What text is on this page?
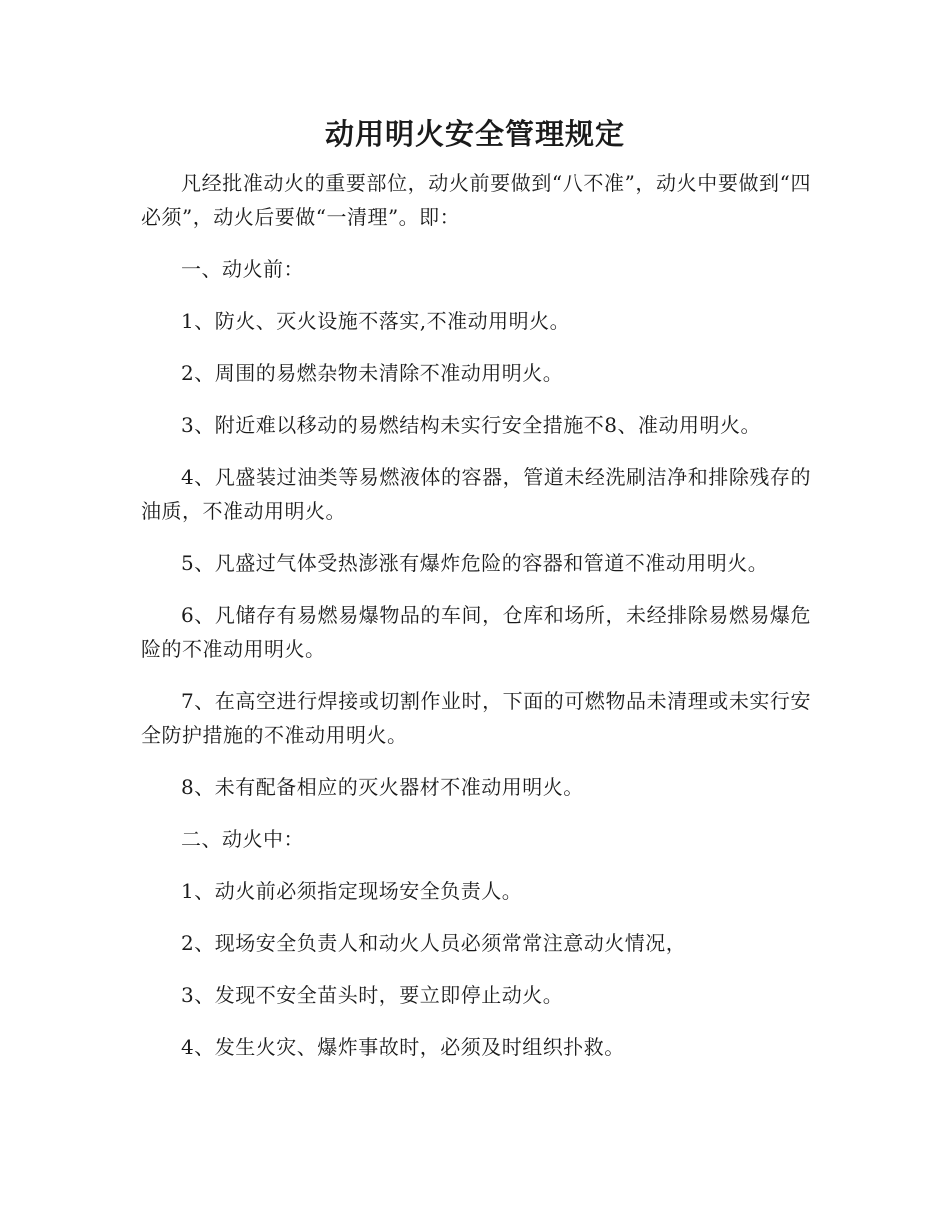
动用明火安全管理规定

凡经批准动火的重要部位，动火前要做到“八不准”，动火中要做到“四必须”，动火后要做“一清理”。即：

一、动火前：

1、防火、灭火设施不落实,不准动用明火。

2、周围的易燃杂物未清除不准动用明火。

3、附近难以移动的易燃结构未实行安全措施不8、准动用明火。

4、凡盛装过油类等易燃液体的容器，管道未经洗刷洁净和排除残存的油质，不准动用明火。

5、凡盛过气体受热澎涨有爆炸危险的容器和管道不准动用明火。

6、凡储存有易燃易爆物品的车间，仓库和场所，未经排除易燃易爆危险的不准动用明火。

7、在高空进行焊接或切割作业时，下面的可燃物品未清理或未实行安全防护措施的不准动用明火。

8、未有配备相应的灭火器材不准动用明火。

二、动火中：

1、动火前必须指定现场安全负责人。

2、现场安全负责人和动火人员必须常常注意动火情况，

3、发现不安全苗头时，要立即停止动火。

4、发生火灾、爆炸事故时，必须及时组织扑救。
